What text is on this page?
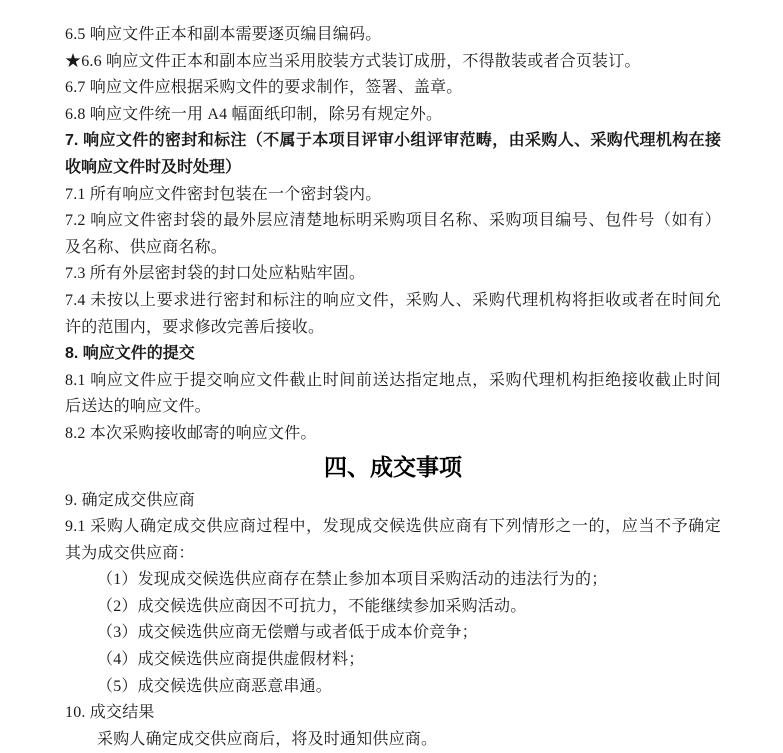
6.5 响应文件正本和副本需要逐页编目编码。

★6.6 响应文件正本和副本应当采用胶装方式装订成册，不得散装或者合页装订。

6.7 响应文件应根据采购文件的要求制作，签署、盖章。

6.8 响应文件统一用 A4 幅面纸印制，除另有规定外。

7. 响应文件的密封和标注（不属于本项目评审小组评审范畴，由采购人、采购代理机构在接收响应文件时及时处理）

7.1 所有响应文件密封包装在一个密封袋内。

7.2 响应文件密封袋的最外层应清楚地标明采购项目名称、采购项目编号、包件号（如有）及名称、供应商名称。

7.3 所有外层密封袋的封口处应粘贴牢固。

7.4 未按以上要求进行密封和标注的响应文件，采购人、采购代理机构将拒收或者在时间允许的范围内，要求修改完善后接收。

8. 响应文件的提交

8.1 响应文件应于提交响应文件截止时间前送达指定地点，采购代理机构拒绝接收截止时间后送达的响应文件。

8.2 本次采购接收邮寄的响应文件。

四、成交事项

9. 确定成交供应商

9.1 采购人确定成交供应商过程中，发现成交候选供应商有下列情形之一的，应当不予确定其为成交供应商：

（1）发现成交候选供应商存在禁止参加本项目采购活动的违法行为的；

（2）成交候选供应商因不可抗力，不能继续参加采购活动。

（3）成交候选供应商无偿赠与或者低于成本价竞争；

（4）成交候选供应商提供虚假材料；

（5）成交候选供应商恶意串通。

10. 成交结果

采购人确定成交供应商后，将及时通知供应商。
